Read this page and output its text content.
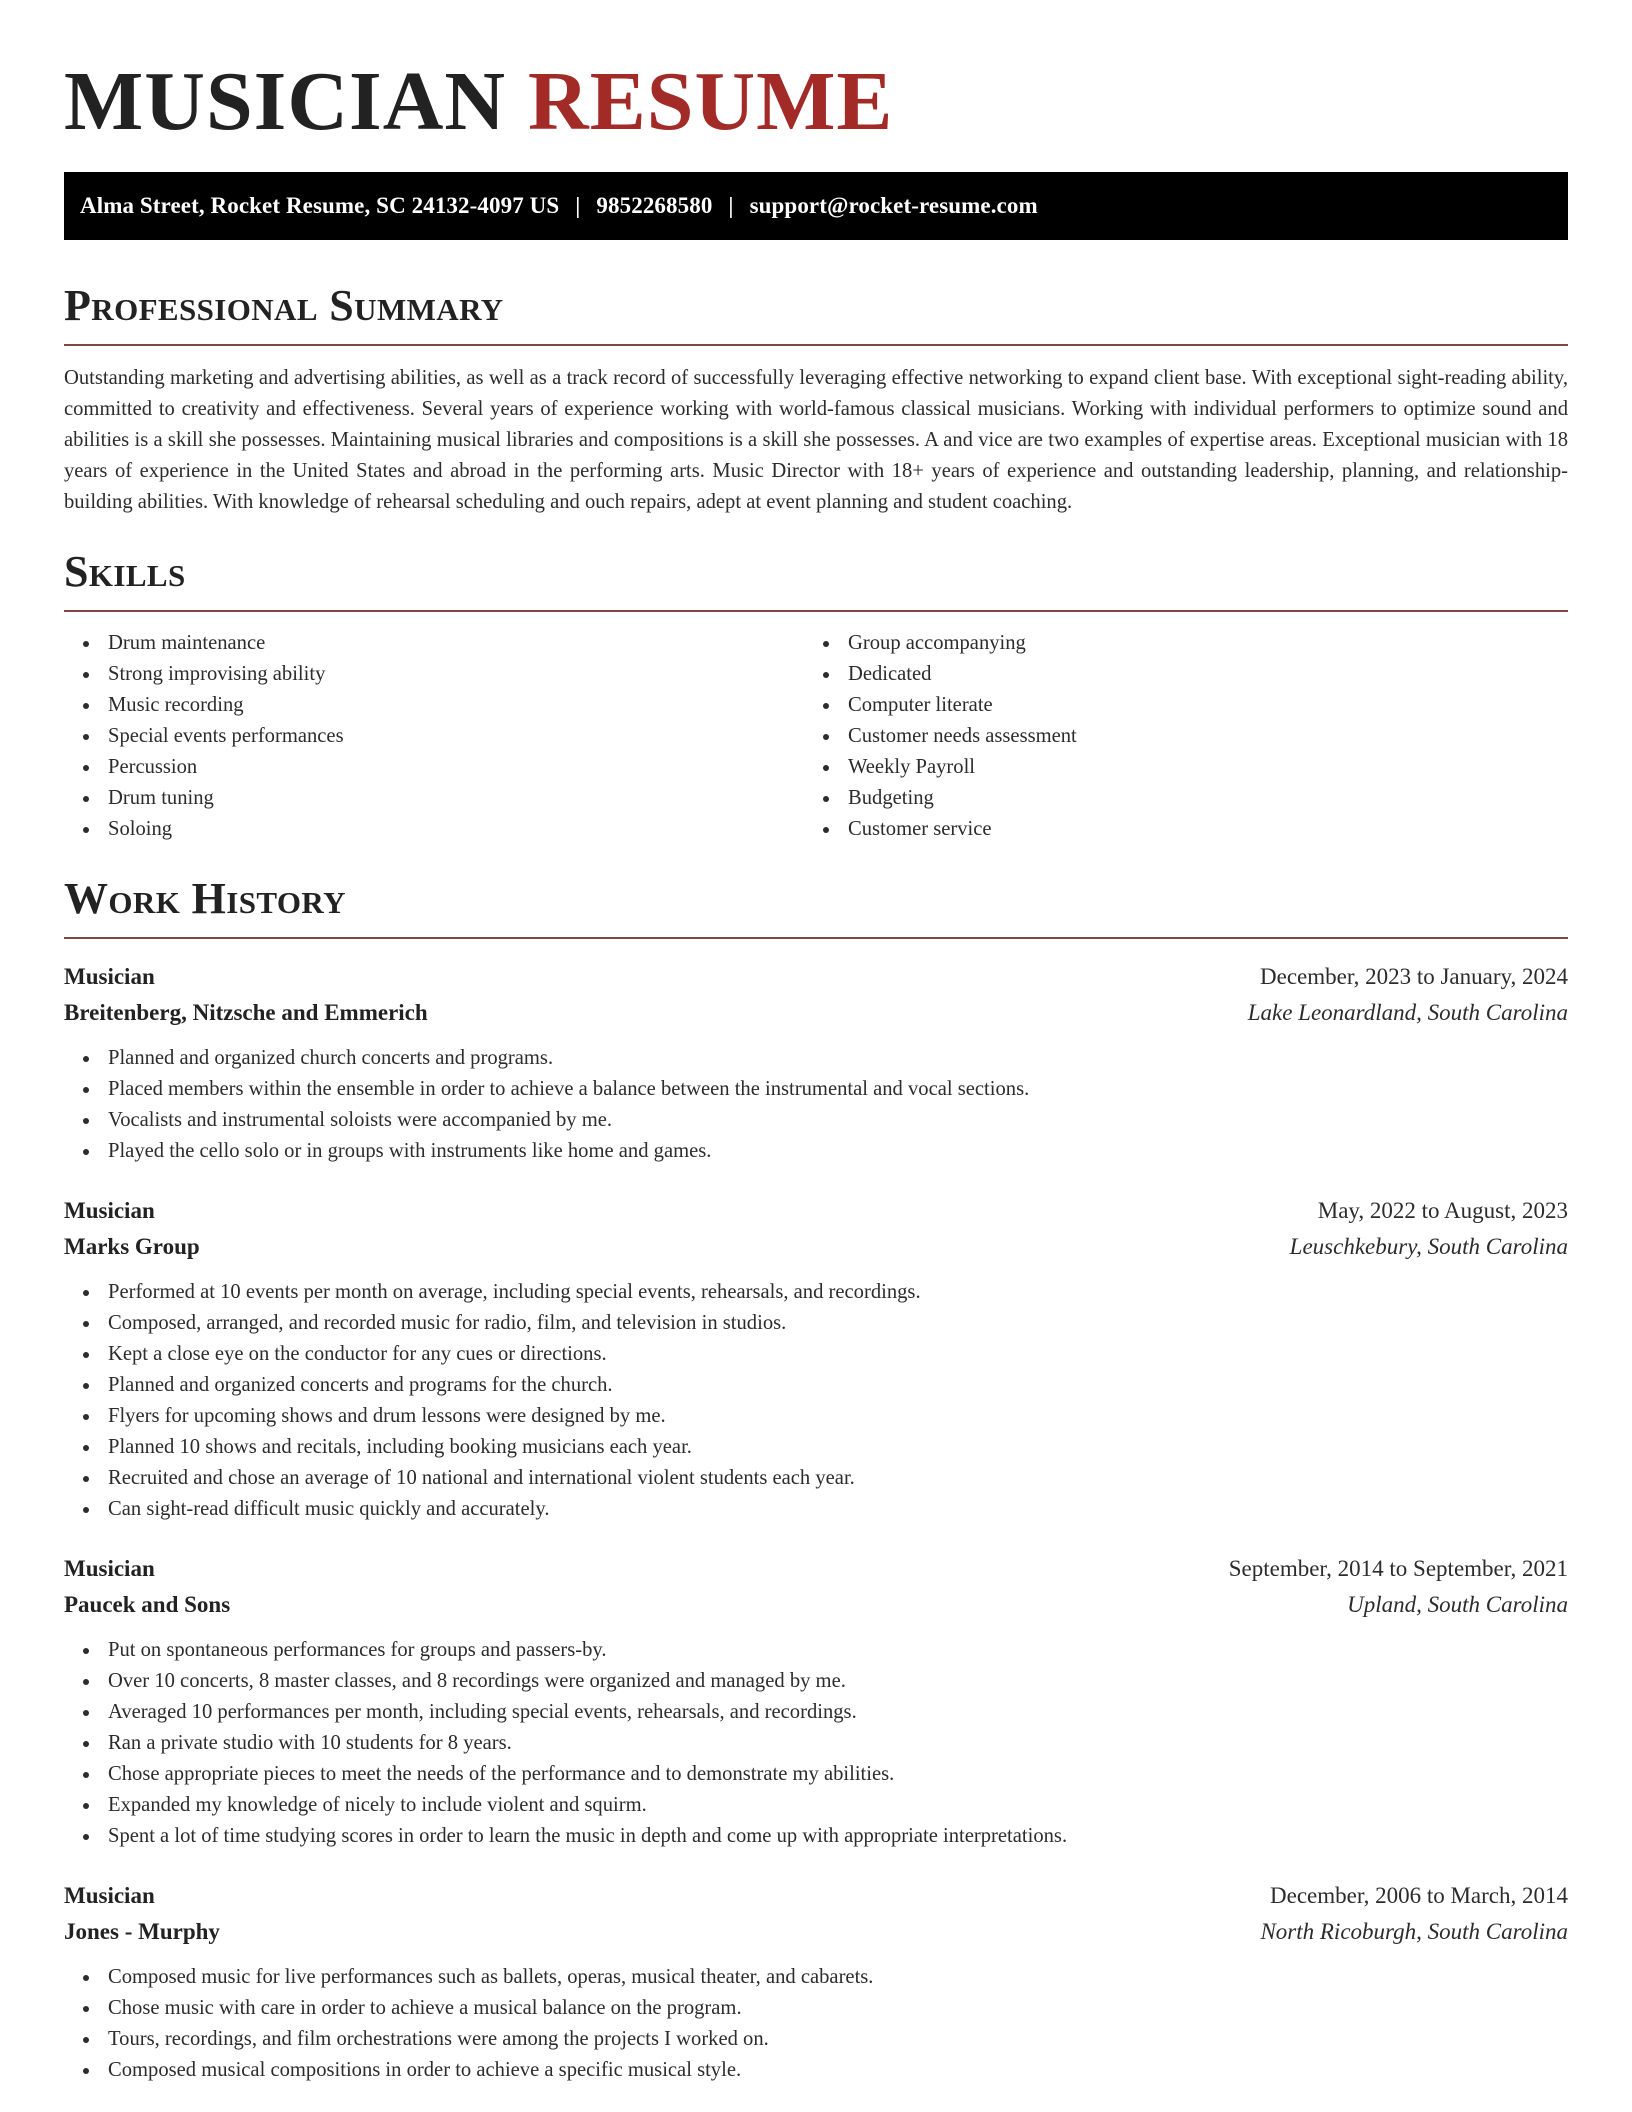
MUSICIAN RESUME
Alma Street, Rocket Resume, SC 24132-4097 US | 9852268580 | support@rocket-resume.com
Professional Summary

Outstanding marketing and advertising abilities, as well as a track record of successfully leveraging effective networking to expand client base. With exceptional sight-reading ability, committed to creativity and effectiveness. Several years of experience working with world-famous classical musicians. Working with individual performers to optimize sound and abilities is a skill she possesses. Maintaining musical libraries and compositions is a skill she possesses. A and vice are two examples of expertise areas. Exceptional musician with 18 years of experience in the United States and abroad in the performing arts. Music Director with 18+ years of experience and outstanding leadership, planning, and relationship-building abilities. With knowledge of rehearsal scheduling and ouch repairs, adept at event planning and student coaching.

Skills
Drum maintenance
Strong improvising ability
Music recording
Special events performances
Percussion
Drum tuning
Soloing
Group accompanying
Dedicated
Computer literate
Customer needs assessment
Weekly Payroll
Budgeting
Customer service
Work History
Musician	December, 2023 to January, 2024
Breitenberg, Nitzsche and Emmerich	Lake Leonardland, South Carolina
Planned and organized church concerts and programs.
Placed members within the ensemble in order to achieve a balance between the instrumental and vocal sections.
Vocalists and instrumental soloists were accompanied by me.
Played the cello solo or in groups with instruments like home and games.
Musician	May, 2022 to August, 2023
Marks Group	Leuschkebury, South Carolina
Performed at 10 events per month on average, including special events, rehearsals, and recordings.
Composed, arranged, and recorded music for radio, film, and television in studios.
Kept a close eye on the conductor for any cues or directions.
Planned and organized concerts and programs for the church.
Flyers for upcoming shows and drum lessons were designed by me.
Planned 10 shows and recitals, including booking musicians each year.
Recruited and chose an average of 10 national and international violent students each year.
Can sight-read difficult music quickly and accurately.
Musician	September, 2014 to September, 2021
Paucek and Sons	Upland, South Carolina
Put on spontaneous performances for groups and passers-by.
Over 10 concerts, 8 master classes, and 8 recordings were organized and managed by me.
Averaged 10 performances per month, including special events, rehearsals, and recordings.
Ran a private studio with 10 students for 8 years.
Chose appropriate pieces to meet the needs of the performance and to demonstrate my abilities.
Expanded my knowledge of nicely to include violent and squirm.
Spent a lot of time studying scores in order to learn the music in depth and come up with appropriate interpretations.
Musician	December, 2006 to March, 2014
Jones - Murphy	North Ricoburgh, South Carolina
Composed music for live performances such as ballets, operas, musical theater, and cabarets.
Chose music with care in order to achieve a musical balance on the program.
Tours, recordings, and film orchestrations were among the projects I worked on.
Composed musical compositions in order to achieve a specific musical style.
